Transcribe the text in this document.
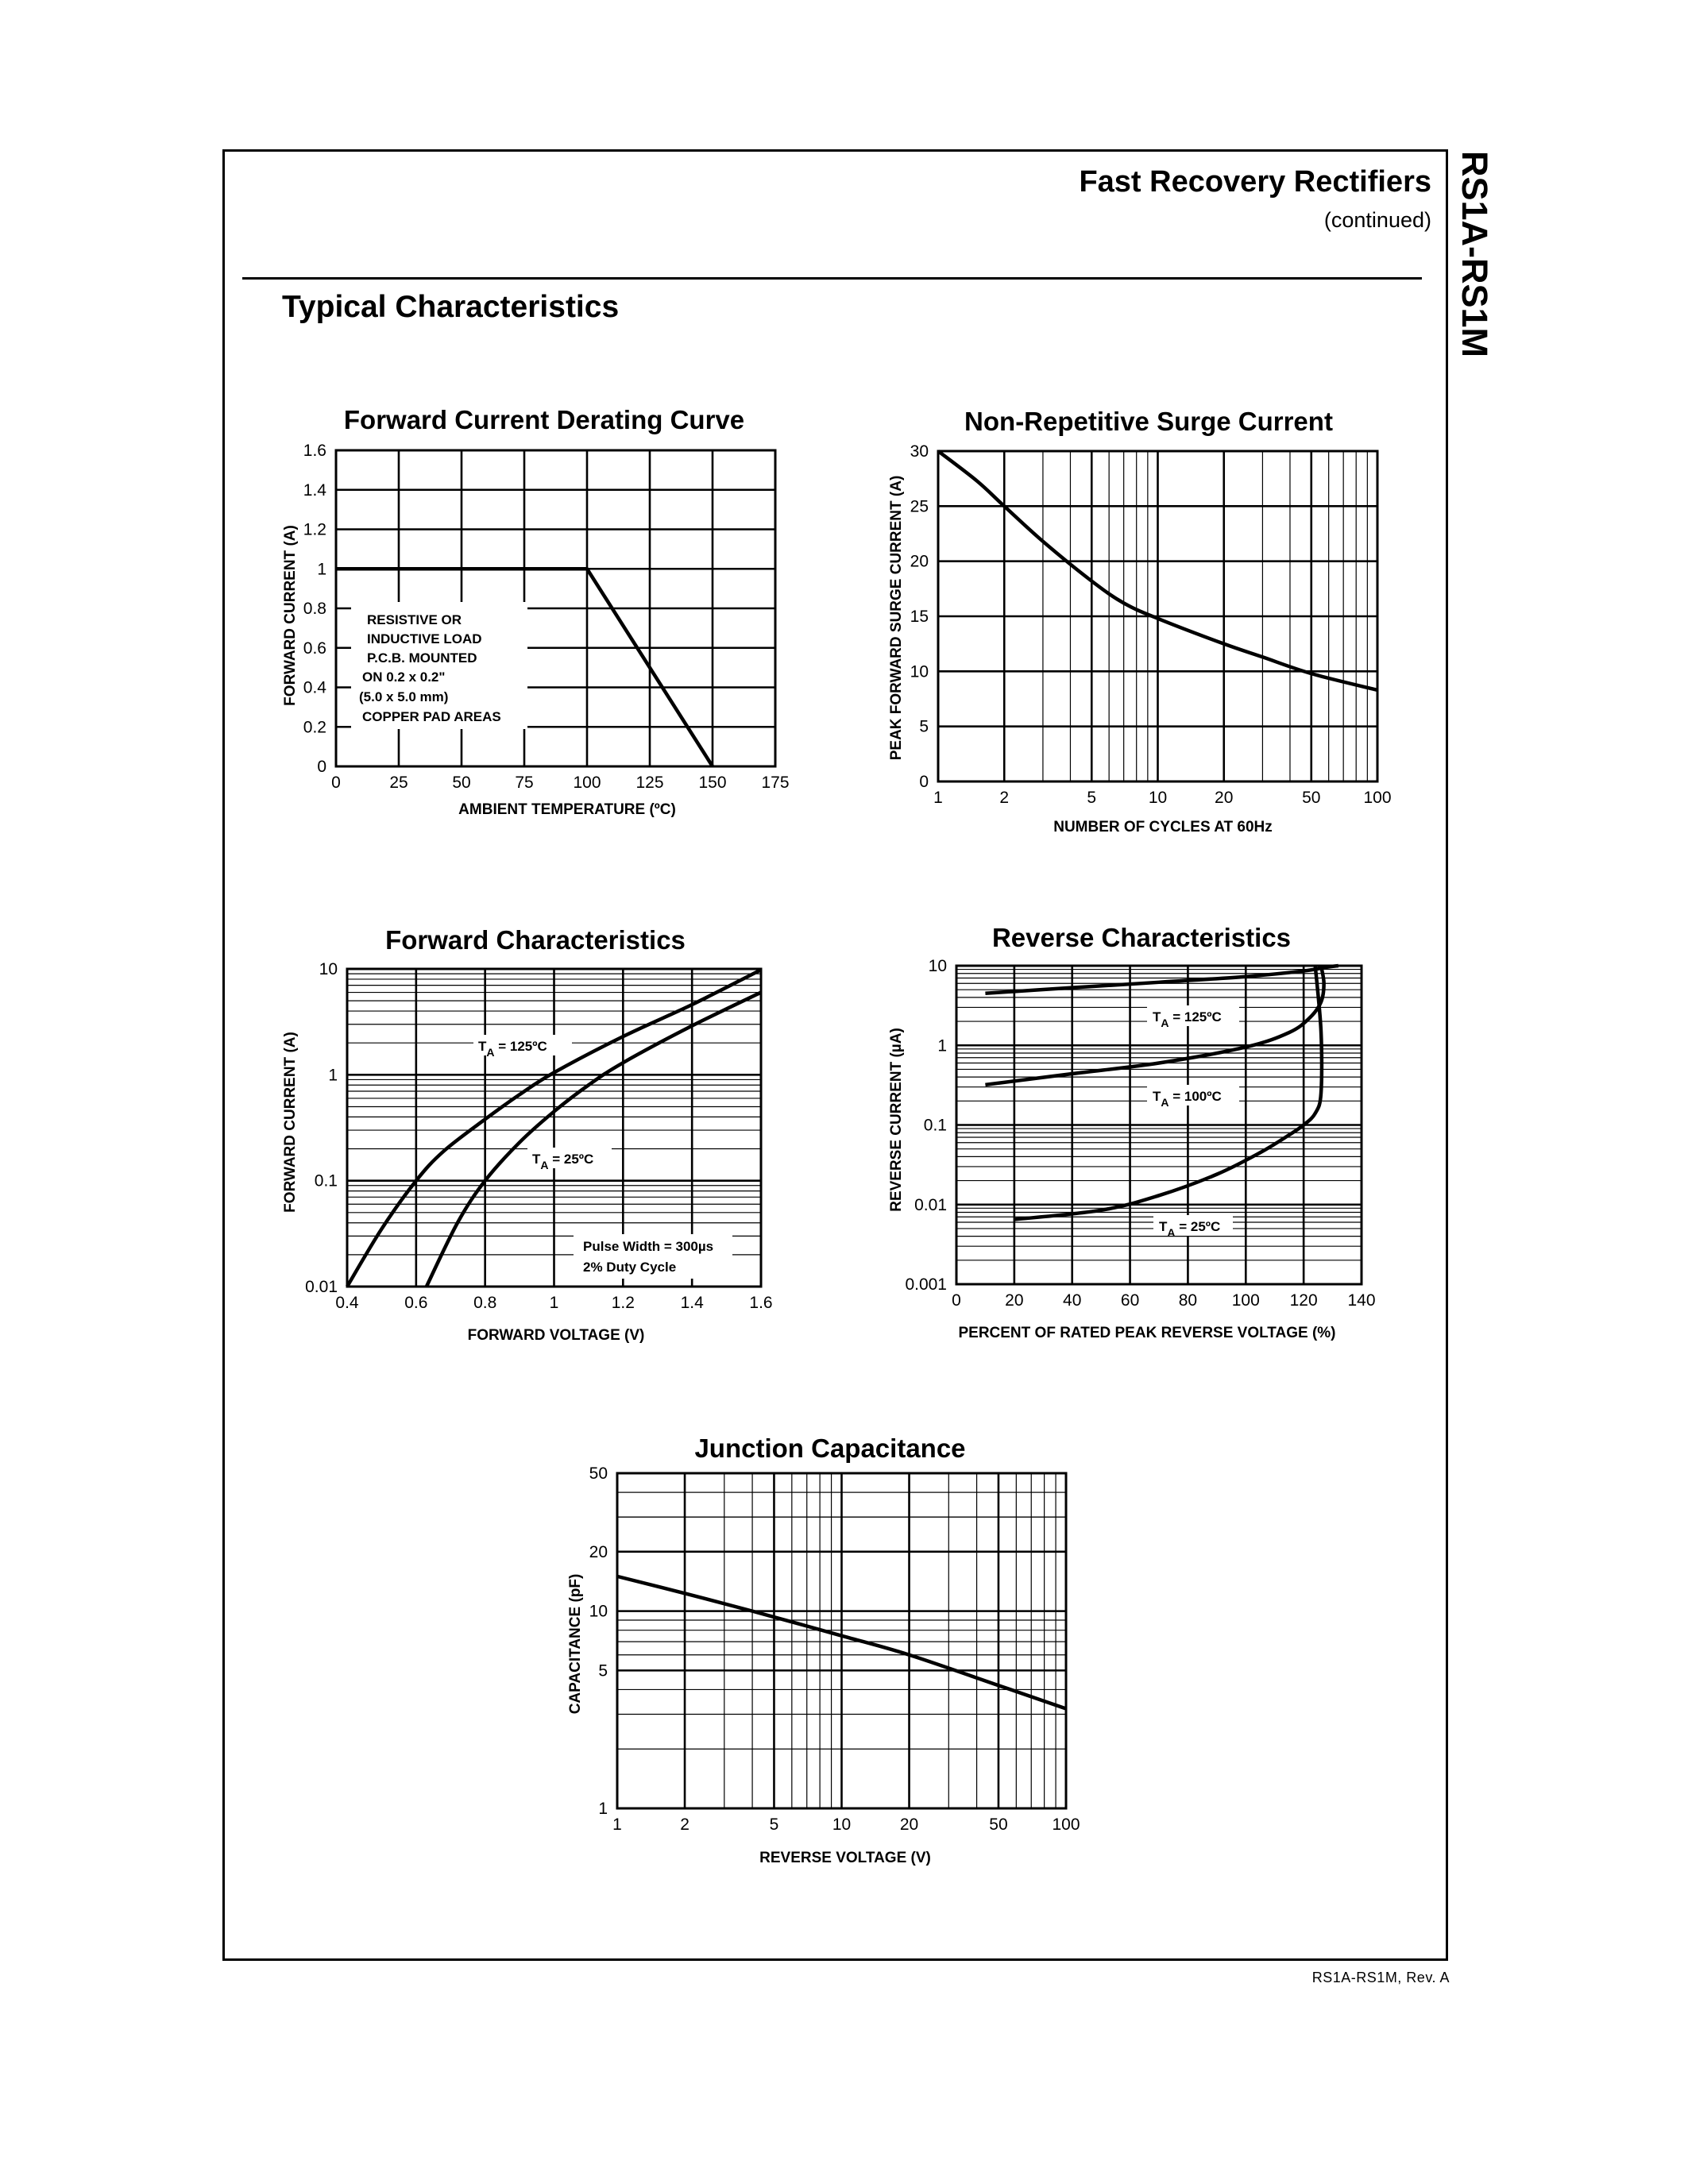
RS1A-RS1M
Fast Recovery Rectifiers
(continued)
Typical Characteristics
RS1A-RS1M, Rev. A
Forward Current Derating Curve
0	25	50	75 100 125 150 175
0
0.2
0.4
0.6
0.8
1
1.2
1.4
1.6
AMBIENT TEMPERATURE (ºC)
FORWARD CURRENT (A)	RESISTIVE OR
INDUCTIVE LOAD
P.C.B. MOUNTED
ON 0.2 x 0.2"
(5.0 x 5.0 mm)
COPPER PAD AREAS
Non-Repetitive Surge Current
1	2	5	10	20	50	100
0
5
10
15
20
25
30
NUMBER OF CYCLES AT 60Hz
PEAK FORWARD SURGE CURRENT (A)
Forward Characteristics
0.4	0.6	0.8	1	1.2	1.4	1.6
0.01
0.1
1
10
FORWARD VOLTAGE (V)
FORWARD CURRENT (A)	$T_A$ = 125ºC
$T_A$ = 25ºC
Pulse Width = 300µs
2% Duty Cycle
Reverse Characteristics
0	20 40 60 80 100 120 140
0.001
0.01
0.1
1
10
PERCENT OF RATED PEAK REVERSE VOLTAGE (%)
REVERSE CURRENT (µA)
$T_A$ = 125ºC
$T_A$ = 100ºC
$T_A$ = 25ºC
Junction Capacitance
1	2	5	10	20	50	100
1
5
10
20
50
REVERSE VOLTAGE (V)
CAPACITANCE (pF)
